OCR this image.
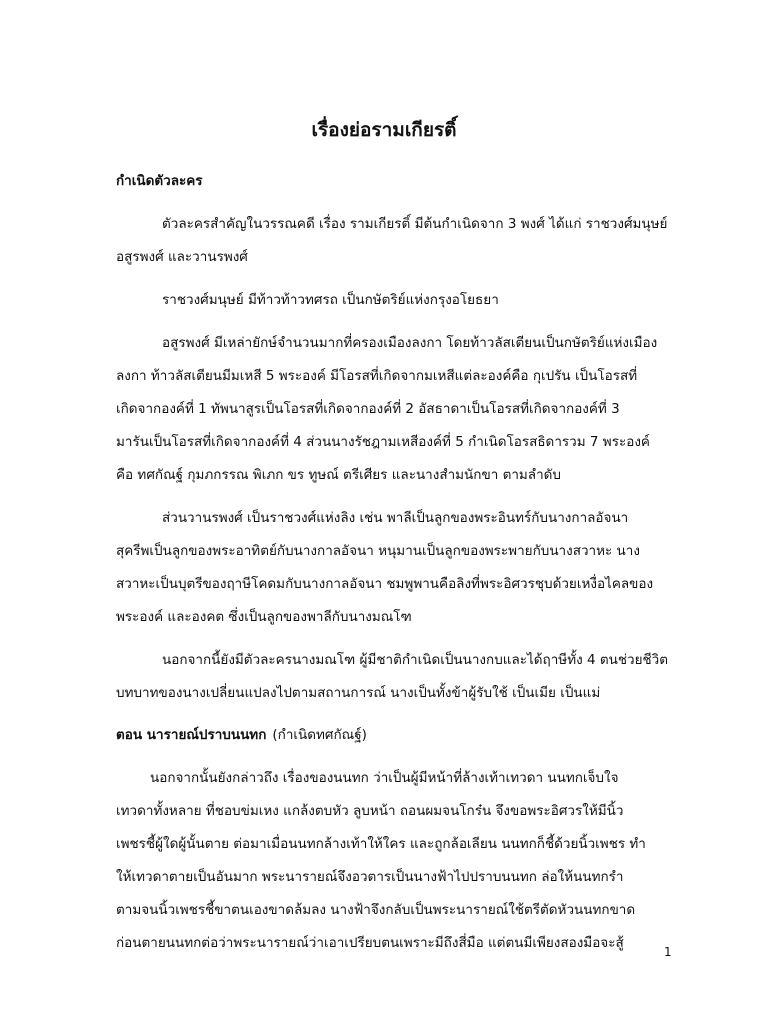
เรื่องย่อรามเกียรติ์
กำเนิดตัวละคร
ตัวละครสำคัญในวรรณคดี เรื่อง รามเกียรติ์ มีต้นกำเนิดจาก 3 พงศ์ ได้แก่ ราชวงศ์มนุษย์
อสูรพงศ์ และวานรพงศ์
ราชวงศ์มนุษย์ มีท้าวท้าวทศรถ เป็นกษัตริย์แห่งกรุงอโยธยา
อสูรพงศ์ มีเหล่ายักษ์จำนวนมากที่ครองเมืองลงกา โดยท้าวลัสเตียนเป็นกษัตริย์แห่งเมือง
ลงกา ท้าวลัสเตียนมีมเหสี 5 พระองค์ มีโอรสที่เกิดจากมเหสีแต่ละองค์คือ กุเปรัน เป็นโอรสที่
เกิดจากองค์ที่ 1 ทัพนาสูรเป็นโอรสที่เกิดจากองค์ที่ 2 อัสธาดาเป็นโอรสที่เกิดจากองค์ที่ 3
มารันเป็นโอรสที่เกิดจากองค์ที่ 4 ส่วนนางรัชฎามเหสีองค์ที่ 5 กำเนิดโอรสธิดารวม 7 พระองค์
คือ ทศกัณฐ์ กุมภกรรณ พิเภก ขร ทูษณ์ ตรีเศียร และนางสำมนักขา ตามลำดับ
ส่วนวานรพงศ์ เป็นราชวงศ์แห่งลิง เช่น พาลีเป็นลูกของพระอินทร์กับนางกาลอัจนา
สุครีพเป็นลูกของพระอาทิตย์กับนางกาลอัจนา หนุมานเป็นลูกของพระพายกับนางสวาหะ นาง
สวาหะเป็นบุตรีของฤาษีโคดมกับนางกาลอัจนา ชมพูพานคือลิงที่พระอิศวรชุบด้วยเหงื่อไคลของ
พระองค์ และองคต ซึ่งเป็นลูกของพาลีกับนางมณโฑ
นอกจากนี้ยังมีตัวละครนางมณโฑ ผู้มีชาติกำเนิดเป็นนางกบและได้ฤาษีทั้ง 4 ตนช่วยชีวิต
บทบาทของนางเปลี่ยนแปลงไปตามสถานการณ์ นางเป็นทั้งข้าผู้รับใช้ เป็นเมีย เป็นแม่
ตอน นารายณ์ปราบนนทก (กำเนิดทศกัณฐ์)
นอกจากนั้นยังกล่าวถึง เรื่องของนนทก ว่าเป็นผู้มีหน้าที่ล้างเท้าเทวดา นนทกเจ็บใจ
เทวดาทั้งหลาย ที่ชอบข่มเหง แกล้งตบหัว ลูบหน้า ถอนผมจนโกร๋น จึงขอพระอิศวรให้มีนิ้ว
เพชรชี้ผู้ใดผู้นั้นตาย ต่อมาเมื่อนนทกล้างเท้าให้ใคร และถูกล้อเลียน นนทกก็ชี้ด้วยนิ้วเพชร ทำ
ให้เทวดาตายเป็นอันมาก พระนารายณ์จึงอวตารเป็นนางฟ้าไปปราบนนทก ล่อให้นนทกรำ
ตามจนนิ้วเพชรชี้ขาตนเองขาดล้มลง นางฟ้าจึงกลับเป็นพระนารายณ์ใช้ตรีตัดหัวนนทกขาด
ก่อนตายนนทกต่อว่าพระนารายณ์ว่าเอาเปรียบตนเพราะมีถึงสี่มือ แต่ตนมีเพียงสองมือจะสู้
1
